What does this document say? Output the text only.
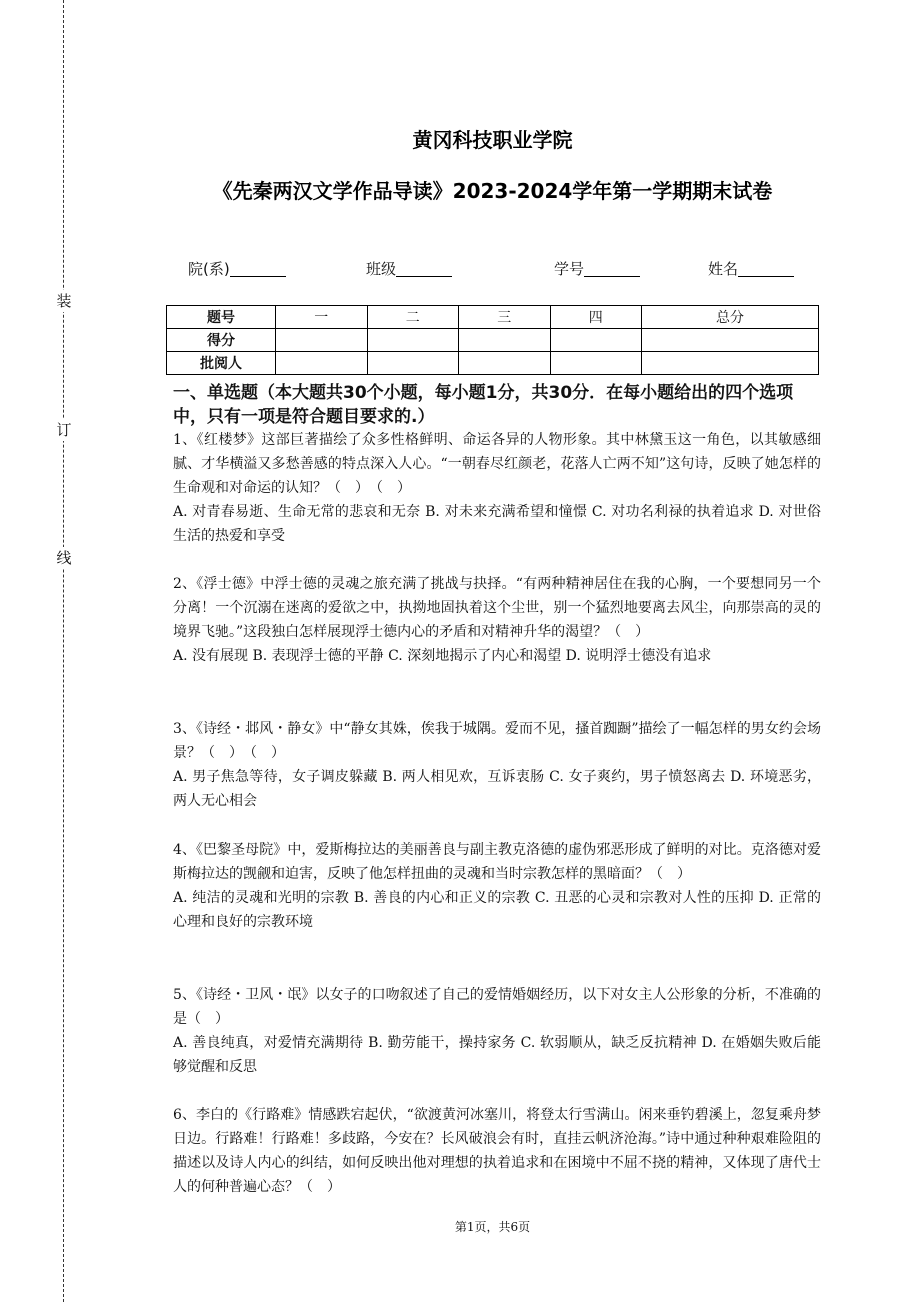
装
订
线
黄冈科技职业学院
《先秦两汉文学作品导读》2023-2024学年第一学期期末试卷
院(系)	班级	学号	姓名
题号	一	二	三	四	总分
得分					
批阅人					
一、单选题（本大题共30个小题，每小题1分，共30分．在每小题给出的四个选项中，只有一项是符合题目要求的.）

1、《红楼梦》这部巨著描绘了众多性格鲜明、命运各异的人物形象。其中林黛玉这一角色，以其敏感细腻、才华横溢又多愁善感的特点深入人心。“一朝春尽红颜老，花落人亡两不知”这句诗，反映了她怎样的生命观和对命运的认知？（　）　（　）

A. 对青春易逝、生命无常的悲哀和无奈 B. 对未来充满希望和憧憬 C. 对功名利禄的执着追求 D. 对世俗生活的热爱和享受

2、《浮士德》中浮士德的灵魂之旅充满了挑战与抉择。“有两种精神居住在我的心胸，一个要想同另一个分离！一个沉溺在迷离的爱欲之中，执拗地固执着这个尘世，别一个猛烈地要离去风尘，向那崇高的灵的境界飞驰。”这段独白怎样展现浮士德内心的矛盾和对精神升华的渴望？（　）

A. 没有展现 B. 表现浮士德的平静 C. 深刻地揭示了内心和渴望 D. 说明浮士德没有追求

3、《诗经・邶风・静女》中“静女其姝，俟我于城隅。爱而不见，搔首踟蹰”描绘了一幅怎样的男女约会场景？（　）　（　）

A. 男子焦急等待，女子调皮躲藏 B. 两人相见欢，互诉衷肠 C. 女子爽约，男子愤怒离去 D. 环境恶劣，两人无心相会

4、《巴黎圣母院》中，爱斯梅拉达的美丽善良与副主教克洛德的虚伪邪恶形成了鲜明的对比。克洛德对爱斯梅拉达的觊觎和迫害，反映了他怎样扭曲的灵魂和当时宗教怎样的黑暗面？（　）

A. 纯洁的灵魂和光明的宗教 B. 善良的内心和正义的宗教 C. 丑恶的心灵和宗教对人性的压抑 D. 正常的心理和良好的宗教环境

5、《诗经・卫风・氓》以女子的口吻叙述了自己的爱情婚姻经历，以下对女主人公形象的分析，不准确的是（　）

A. 善良纯真，对爱情充满期待 B. 勤劳能干，操持家务 C. 软弱顺从，缺乏反抗精神 D. 在婚姻失败后能够觉醒和反思

6、李白的《行路难》情感跌宕起伏，“欲渡黄河冰塞川，将登太行雪满山。闲来垂钓碧溪上，忽复乘舟梦日边。行路难！行路难！多歧路，今安在？长风破浪会有时，直挂云帆济沧海。”诗中通过种种艰难险阻的描述以及诗人内心的纠结，如何反映出他对理想的执着追求和在困境中不屈不挠的精神，又体现了唐代士人的何种普遍心态？（　）

第1页，共6页
